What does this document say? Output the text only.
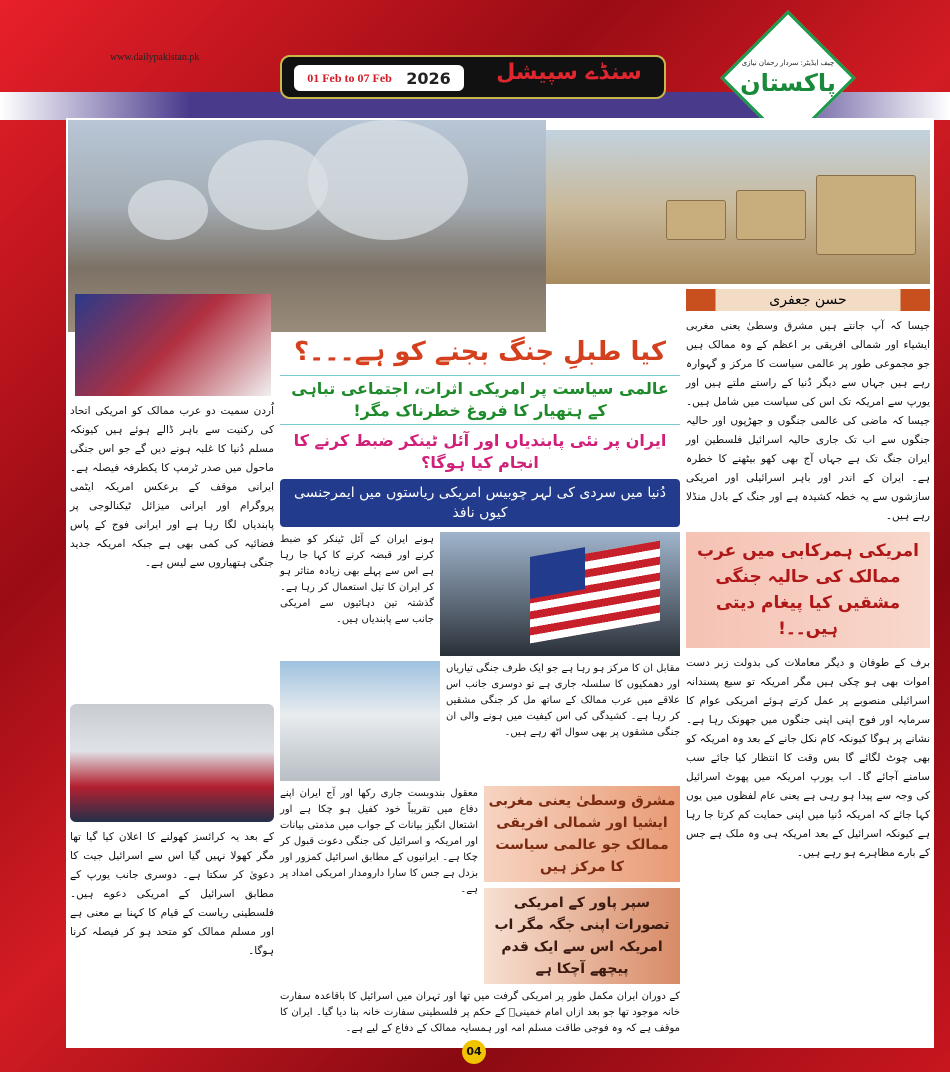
www.dailypakistan.pk
01 Feb to 07 Feb 2026	سنڈے سپیشل	چیف ایڈیٹر: سردار رحمان نیازی
پاکستان
اُردن سمیت دو عرب ممالک کو امریکی اتحاد کی رکنیت سے باہر ڈالے ہوئے ہیں کیونکہ مسلم دُنیا کا غلبہ ہونے دیں گے جو اس جنگی ماحول میں صدر ٹرمپ کا یکطرفہ فیصلہ ہے۔ ایرانی موقف کے برعکس امریکہ ایٹمی پروگرام اور ایرانی میزائل ٹیکنالوجی پر پابندیاں لگا رہا ہے اور ایرانی فوج کے پاس فضائیہ کی کمی بھی ہے جبکہ امریکہ جدید جنگی ہتھیاروں سے لیس ہے۔
کے بعد یہ کرائسز کھولنے کا اعلان کیا گیا تھا مگر کھولا نہیں گیا اس سے اسرائیل جیت کا دعویٰ کر سکتا ہے۔ دوسری جانب یورپ کے مطابق اسرائیل کے امریکی دعوے ہیں۔ فلسطینی ریاست کے قیام کا کہنا بے معنی ہے اور مسلم ممالک کو متحد ہو کر فیصلہ کرنا ہوگا۔
کیا طبلِ جنگ بجنے کو ہے۔۔۔؟
عالمی سیاست پر امریکی اثرات، اجتماعی تباہی کے ہتھیار کا فروغ خطرناک مگر!
ایران پر نئی پابندیاں اور آئل ٹینکر ضبط کرنے کا انجام کیا ہوگا؟
دُنیا میں سردی کی لہر چوبیس امریکی ریاستوں میں ایمرجنسی کیوں نافذ
ہونے ایران کے آئل ٹینکر کو ضبط کرنے اور قبضہ کرنے کا کہا جا رہا ہے اس سے پہلے بھی زیادہ متاثر ہو کر ایران کا تیل استعمال کر رہا ہے۔ گذشتہ تین دہائیوں سے امریکی جانب سے پابندیاں ہیں۔
مقابل ان کا مرکز ہو رہا ہے جو ایک طرف جنگی تیاریاں اور دھمکیوں کا سلسلہ جاری ہے تو دوسری جانب اس علاقے میں عرب ممالک کے ساتھ مل کر جنگی مشقیں کر رہا ہے۔ کشیدگی کی اس کیفیت میں ہونے والی ان جنگی مشقوں پر بھی سوال اٹھ رہے ہیں۔
معقول بندوبست جاری رکھا اور آج ایران اپنے دفاع میں تقریباً خود کفیل ہو چکا ہے اور اشتعال انگیز بیانات کے جواب میں مذمتی بیانات اور امریکہ و اسرائیل کی جنگی دعوت قبول کر چکا ہے۔ ایرانیوں کے مطابق اسرائیل کمزور اور بزدل ہے جس کا سارا دارومدار امریکی امداد پر ہے۔
مشرق وسطیٰ یعنی مغربی ایشیا اور شمالی افریقی ممالک جو عالمی سیاست کا مرکز ہیں
سپر پاور کے امریکی تصورات اپنی جگہ مگر اب امریکہ اس سے ایک قدم پیچھے آچکا ہے
کے دوران ایران مکمل طور پر امریکی گرفت میں تھا اور تہران میں اسرائیل کا باقاعدہ سفارت خانہ موجود تھا جو بعد ازاں امام خمینیؒ کے حکم پر فلسطینی سفارت خانہ بنا دیا گیا۔ ایران کا موقف ہے کہ وہ فوجی طاقت مسلم امہ اور ہمسایہ ممالک کے دفاع کے لیے ہے۔
حسن جعفری
جیسا کہ آپ جانتے ہیں مشرق وسطیٰ یعنی مغربی ایشیاء اور شمالی افریقی بر اعظم کے وہ ممالک ہیں جو مجموعی طور پر عالمی سیاست کا مرکز و گہوارہ رہے ہیں جہاں سے دیگر دُنیا کے راستے ملتے ہیں اور یورپ سے امریکہ تک اس کی سیاست میں شامل ہیں۔ جیسا کہ ماضی کی عالمی جنگوں و جھڑپوں اور حالیہ جنگوں سے اب تک جاری حالیہ اسرائیل فلسطین اور ایران جنگ تک ہے جہاں آج بھی کھو بیٹھنے کا خطرہ ہے۔ ایران کے اندر اور باہر اسرائیلی اور امریکی سازشوں سے یہ خطہ کشیدہ ہے اور جنگ کے بادل منڈلا رہے ہیں۔
امریکی ہمرکابی میں عرب ممالک کی حالیہ جنگی مشقیں کیا پیغام دیتی ہیں۔۔!
برف کے طوفان و دیگر معاملات کی بدولت زبر دست اموات بھی ہو چکی ہیں مگر امریکہ تو سیع پسندانہ اسرائیلی منصوبے پر عمل کرتے ہوئے امریکی عوام کا سرمایہ اور فوج اپنی اپنی جنگوں میں جھونک رہا ہے۔ نشانے پر ہوگا کیونکہ کام نکل جانے کے بعد وہ امریکہ کو بھی چوٹ لگائے گا بس وقت کا انتظار کیا جائے سب سامنے آجائے گا۔ اب یورپ امریکہ میں پھوٹ اسرائیل کی وجہ سے پیدا ہو رہی ہے یعنی عام لفظوں میں یوں کہا جائے کہ امریکہ دُنیا میں اپنی حمایت کم کرتا جا رہا ہے کیونکہ اسرائیل کے بعد امریکہ ہی وہ ملک ہے جس کے بارے مظاہرے ہو رہے ہیں۔
04
